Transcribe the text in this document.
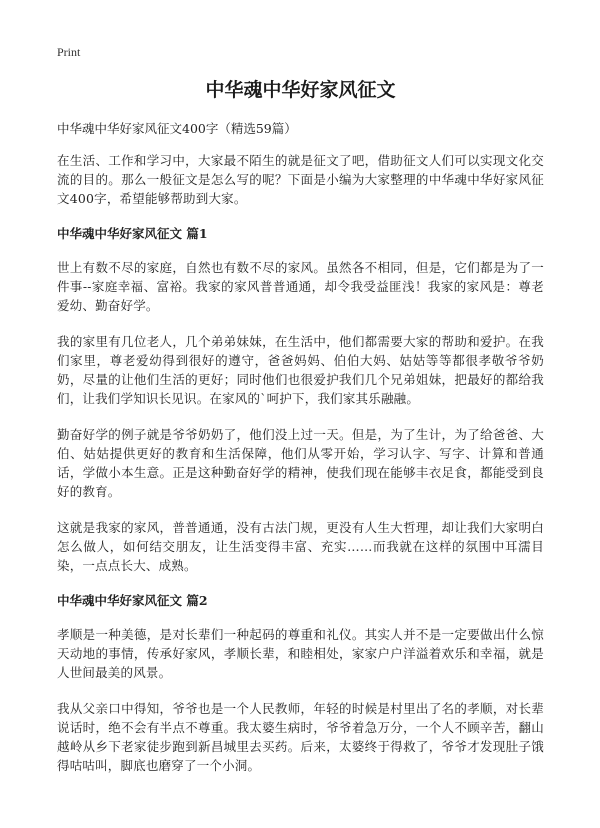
Print
中华魂中华好家风征文
中华魂中华好家风征文400字（精选59篇）

在生活、工作和学习中，大家最不陌生的就是征文了吧，借助征文人们可以实现文化交流的目的。那么一般征文是怎么写的呢？下面是小编为大家整理的中华魂中华好家风征文400字，希望能够帮助到大家。

中华魂中华好家风征文 篇1

世上有数不尽的家庭，自然也有数不尽的家风。虽然各不相同，但是，它们都是为了一件事--家庭幸福、富裕。我家的家风普普通通，却令我受益匪浅！我家的家风是：尊老爱幼、勤奋好学。

我的家里有几位老人，几个弟弟妹妹，在生活中，他们都需要大家的帮助和爱护。在我们家里，尊老爱幼得到很好的遵守，爸爸妈妈、伯伯大妈、姑姑等等都很孝敬爷爷奶奶，尽量的让他们生活的更好；同时他们也很爱护我们几个兄弟姐妹，把最好的都给我们，让我们学知识长见识。在家风的`呵护下，我们家其乐融融。

勤奋好学的例子就是爷爷奶奶了，他们没上过一天。但是，为了生计，为了给爸爸、大伯、姑姑提供更好的教育和生活保障，他们从零开始，学习认字、写字、计算和普通话，学做小本生意。正是这种勤奋好学的精神，使我们现在能够丰衣足食，都能受到良好的教育。

这就是我家的家风，普普通通，没有古法门规，更没有人生大哲理，却让我们大家明白怎么做人，如何结交朋友，让生活变得丰富、充实……而我就在这样的氛围中耳濡目染，一点点长大、成熟。

中华魂中华好家风征文 篇2

孝顺是一种美德，是对长辈们一种起码的尊重和礼仪。其实人并不是一定要做出什么惊天动地的事情，传承好家风，孝顺长辈，和睦相处，家家户户洋溢着欢乐和幸福，就是人世间最美的风景。

我从父亲口中得知，爷爷也是一个人民教师，年轻的时候是村里出了名的孝顺，对长辈说话时，绝不会有半点不尊重。我太婆生病时，爷爷着急万分，一个人不顾辛苦，翻山越岭从乡下老家徒步跑到新昌城里去买药。后来，太婆终于得救了，爷爷才发现肚子饿得咕咕叫，脚底也磨穿了一个小洞。
